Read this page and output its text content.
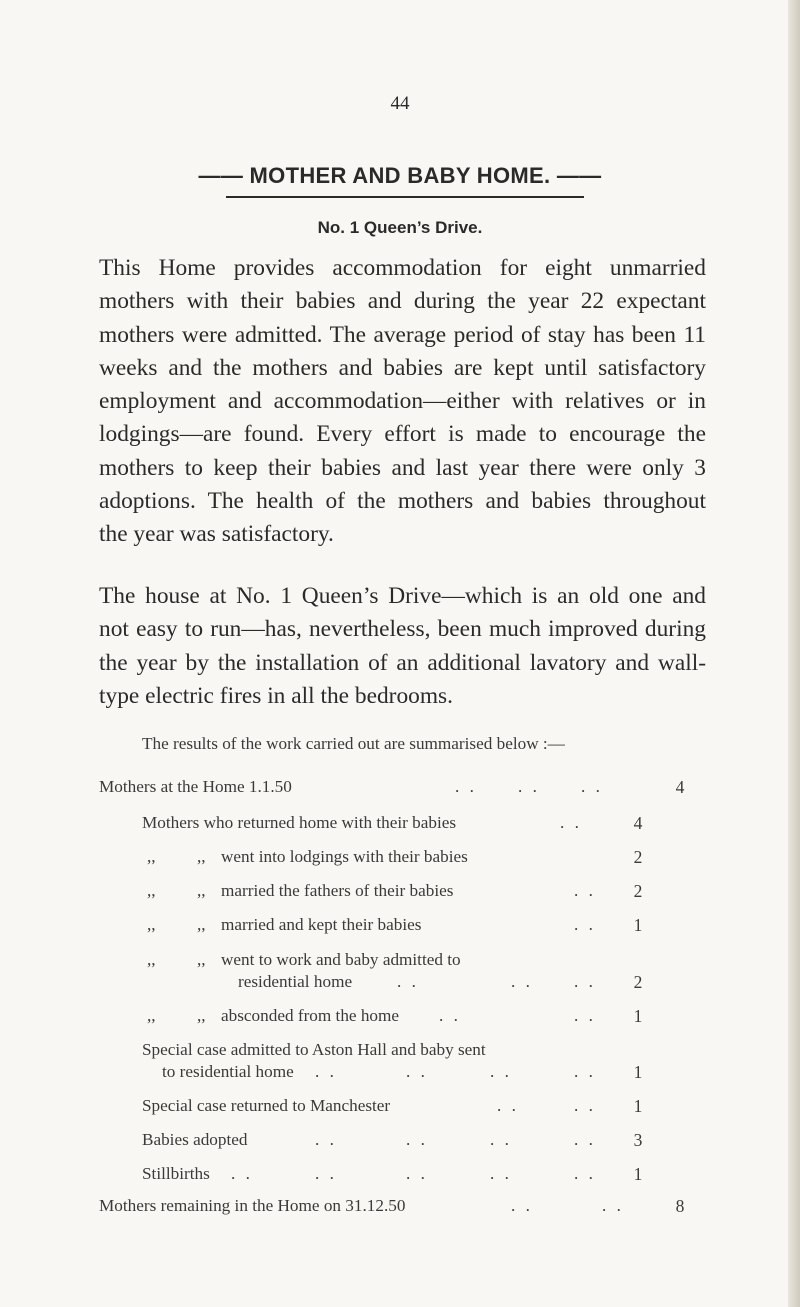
44
—— MOTHER AND BABY HOME. ——
No. 1 Queen’s Drive.
This Home provides accommodation for eight unmarried
mothers with their babies and during the year 22 expectant
mothers were admitted. The average period of stay has been 11
weeks and the mothers and babies are kept until satisfactory
employment and accommodation—either with relatives or in
lodgings—are found. Every effort is made to encourage the
mothers to keep their babies and last year there were only 3
adoptions. The health of the mothers and babies throughout
the year was satisfactory.
The house at No. 1 Queen’s Drive—which is an old one and
not easy to run—has, nevertheless, been much improved during
the year by the installation of an additional lavatory and wall-
type electric fires in all the bedrooms.
The results of the work carried out are summarised below :—
Mothers at the Home 1.1.50	. . . . . .	4
Mothers who returned home with their babies	. .	4
,, ,, went into lodgings with their babies	2
,, ,, married the fathers of their babies	. .	2
,, ,, married and kept their babies	. .	1
,, ,, went to work and baby admitted to
residential home	. .	. . . .	2
,, ,, absconded from the home . .	. .	1
Special case admitted to Aston Hall and baby sent
to residential home . .	. .	. .	. .	1
Special case returned to Manchester	. .	. .	1
Babies adopted	. .	. .	. .	. .	3
Stillbirths . .	. .	. .	. .	. .	1
Mothers remaining in the Home on 31.12.50	. .	. .	8
